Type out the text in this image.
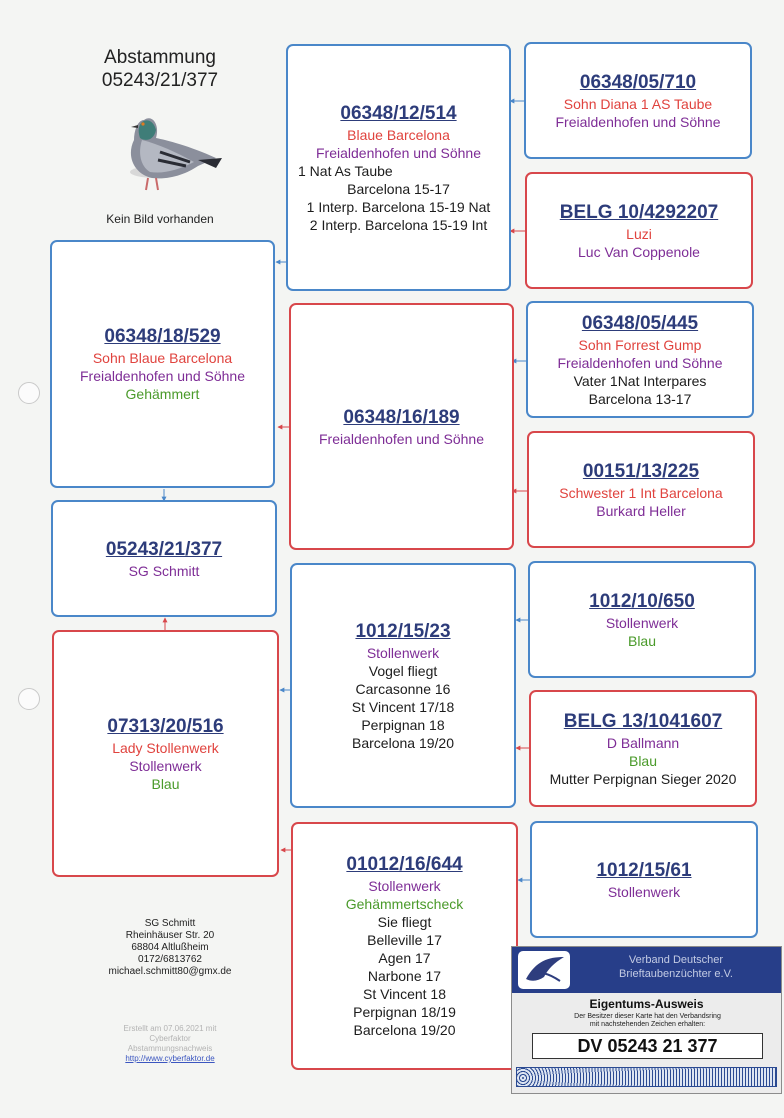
Abstammung
05243/21/377
Kein Bild vorhanden
06348/05/710
Sohn Diana 1 AS Taube
Freialdenhofen und Söhne
BELG 10/4292207
Luzi
Luc Van Coppenole
06348/05/445
Sohn Forrest Gump
Freialdenhofen und Söhne
Vater 1Nat Interpares
Barcelona 13-17
00151/13/225
Schwester 1 Int Barcelona
Burkard Heller
1012/10/650
Stollenwerk
Blau
BELG 13/1041607
D Ballmann
Blau
Mutter Perpignan Sieger 2020
1012/15/61
Stollenwerk
06348/12/514
Blaue Barcelona
Freialdenhofen und Söhne
1 Nat As Taube
Barcelona 15-17
1 Interp. Barcelona 15-19 Nat
2 Interp. Barcelona 15-19 Int
06348/16/189
Freialdenhofen und Söhne
1012/15/23
Stollenwerk
Vogel fliegt
Carcasonne 16
St Vincent 17/18
Perpignan 18
Barcelona 19/20
01012/16/644
Stollenwerk
Gehämmertscheck
Sie fliegt
Belleville 17
Agen 17
Narbone 17
St Vincent 18
Perpignan 18/19
Barcelona 19/20
06348/18/529
Sohn Blaue Barcelona
Freialdenhofen und Söhne
Gehämmert
05243/21/377
SG Schmitt
07313/20/516
Lady Stollenwerk
Stollenwerk
Blau
SG Schmitt
Rheinhäuser Str. 20
68804 Altlußheim
0172/6813762
michael.schmitt80@gmx.de
Erstellt am 07.06.2021 mit
Cyberfaktor
Abstammungsnachweis
http://www.cyberfaktor.de
Verband Deutscher
Brieftaubenzüchter e.V.
Eigentums-Ausweis
Der Besitzer dieser Karte hat den Verbandsring
mit nachstehenden Zeichen erhalten:
DV 05243 21 377
